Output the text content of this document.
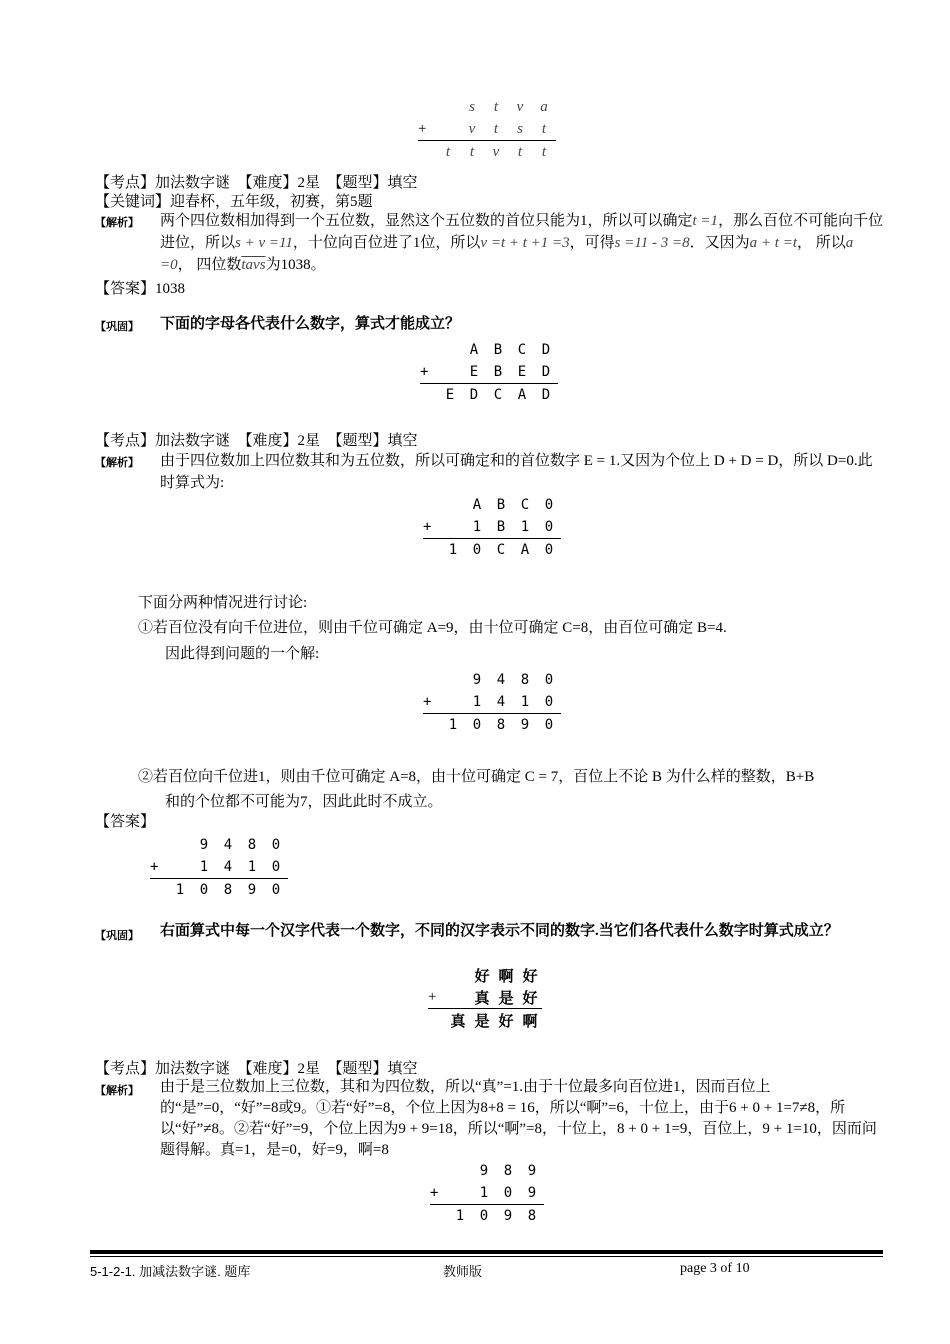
		s	t	v	a
+		v	t	s	t
	t	t	v	t	t
【考点】加法数字谜　【难度】2星　【题型】填空
【关键词】迎春杯，五年级，初赛，第5题
【解析】 两个四位数相加得到一个五位数，显然这个五位数的首位只能为1，所以可以确定t =1，那么百位不可能向千位进位，所以s + v =11，十位向百位进了1位，所以v =t + t +1 =3，可得s =11 - 3 =8．又因为a + t =t， 所以a =0， 四位数tavs为1038。
【答案】1038
【巩固】 下面的字母各代表什么数字，算式才能成立？
		A	B	C	D
+		E	B	E	D
	E	D	C	A	D
【考点】加法数字谜　【难度】2星　【题型】填空
【解析】 由于四位数加上四位数其和为五位数，所以可确定和的首位数字 E = 1.又因为个位上 D + D = D，所以 D=0.此时算式为:
		A	B	C	0
+		1	B	1	0
	1	0	C	A	0
下面分两种情况进行讨论:
①若百位没有向千位进位，则由千位可确定 A=9，由十位可确定 C=8，由百位可确定 B=4.
因此得到问题的一个解:
		9	4	8	0
+		1	4	1	0
	1	0	8	9	0
②若百位向千位进1，则由千位可确定 A=8，由十位可确定 C = 7，百位上不论 B 为什么样的整数，B+B
和的个位都不可能为7，因此此时不成立。
【答案】
		9	4	8	0
+		1	4	1	0
	1	0	8	9	0
【巩固】 右面算式中每一个汉字代表一个数字，不同的汉字表示不同的数字.当它们各代表什么数字时算式成立？
		好	啊	好
+		真	是	好
	真	是	好	啊
【考点】加法数字谜　【难度】2星　【题型】填空
【解析】 由于是三位数加上三位数，其和为四位数，所以“真”=1.由于十位最多向百位进1，因而百位上的“是”=0，“好”=8或9。①若“好”=8，个位上因为8+8 = 16，所以“啊”=6，十位上，由于6 + 0 + 1=7≠8，所以“好”≠8。②若“好”=9，个位上因为9 + 9=18，所以“啊”=8，十位上，8 + 0 + 1=9，百位上，9 + 1=10，因而问题得解。真=1，是=0，好=9，啊=8
		9	8	9
+		1	0	9
	1	0	9	8
5-1-2-1. 加减法数字谜. 题库	教师版	page 3 of 10
